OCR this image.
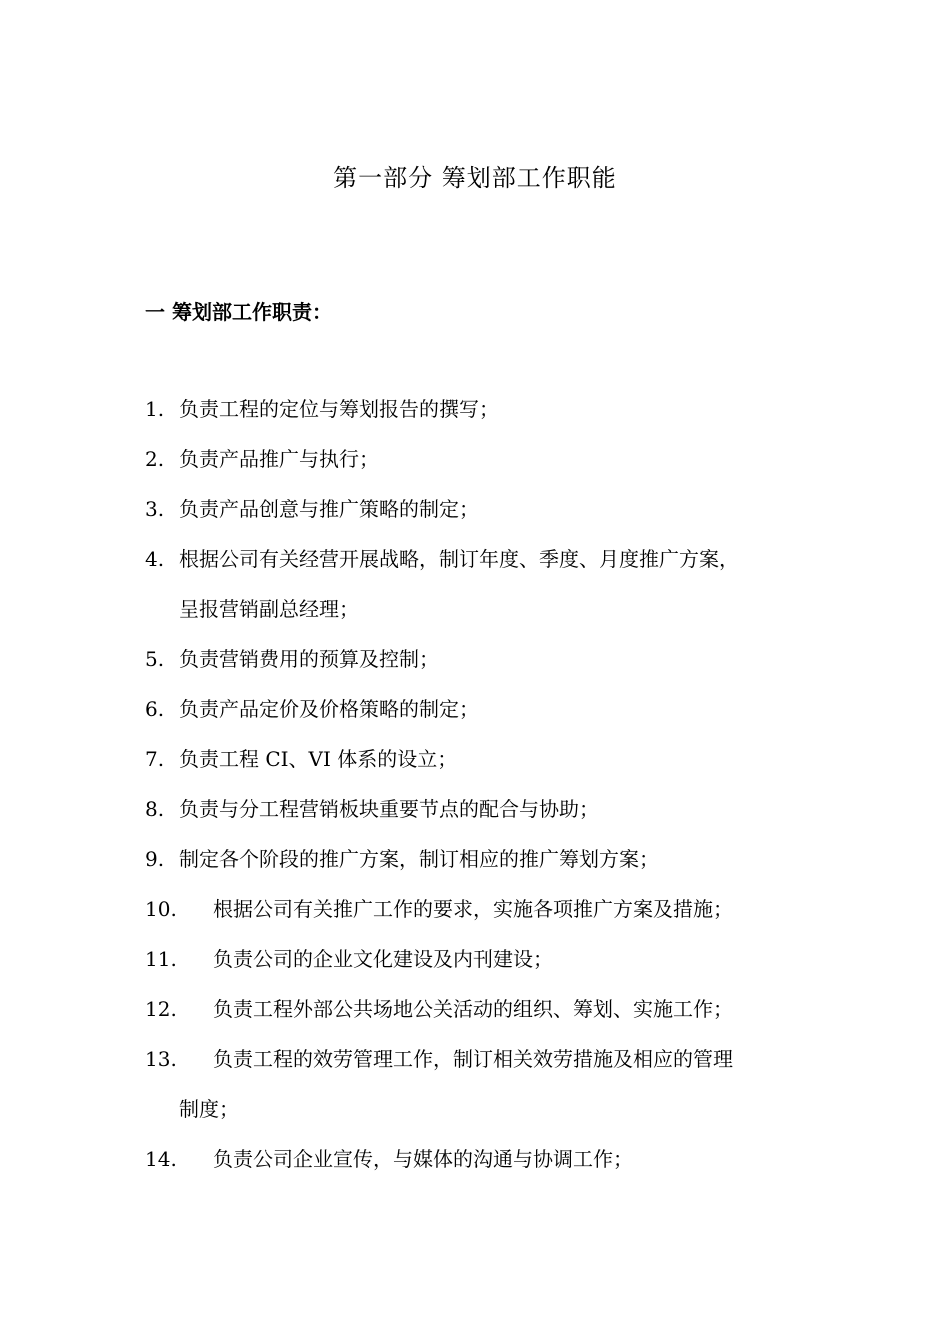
第一部分 筹划部工作职能
一 筹划部工作职责：
1. 负责工程的定位与筹划报告的撰写；
2. 负责产品推广与执行；
3. 负责产品创意与推广策略的制定；
4. 根据公司有关经营开展战略，制订年度、季度、月度推广方案，
呈报营销副总经理；
5. 负责营销费用的预算及控制；
6. 负责产品定价及价格策略的制定；
7. 负责工程 CI、VI 体系的设立；
8. 负责与分工程营销板块重要节点的配合与协助；
9. 制定各个阶段的推广方案，制订相应的推广筹划方案；
10. 根据公司有关推广工作的要求，实施各项推广方案及措施；
11. 负责公司的企业文化建设及内刊建设；
12. 负责工程外部公共场地公关活动的组织、筹划、实施工作；
13. 负责工程的效劳管理工作，制订相关效劳措施及相应的管理
制度；
14. 负责公司企业宣传，与媒体的沟通与协调工作；
